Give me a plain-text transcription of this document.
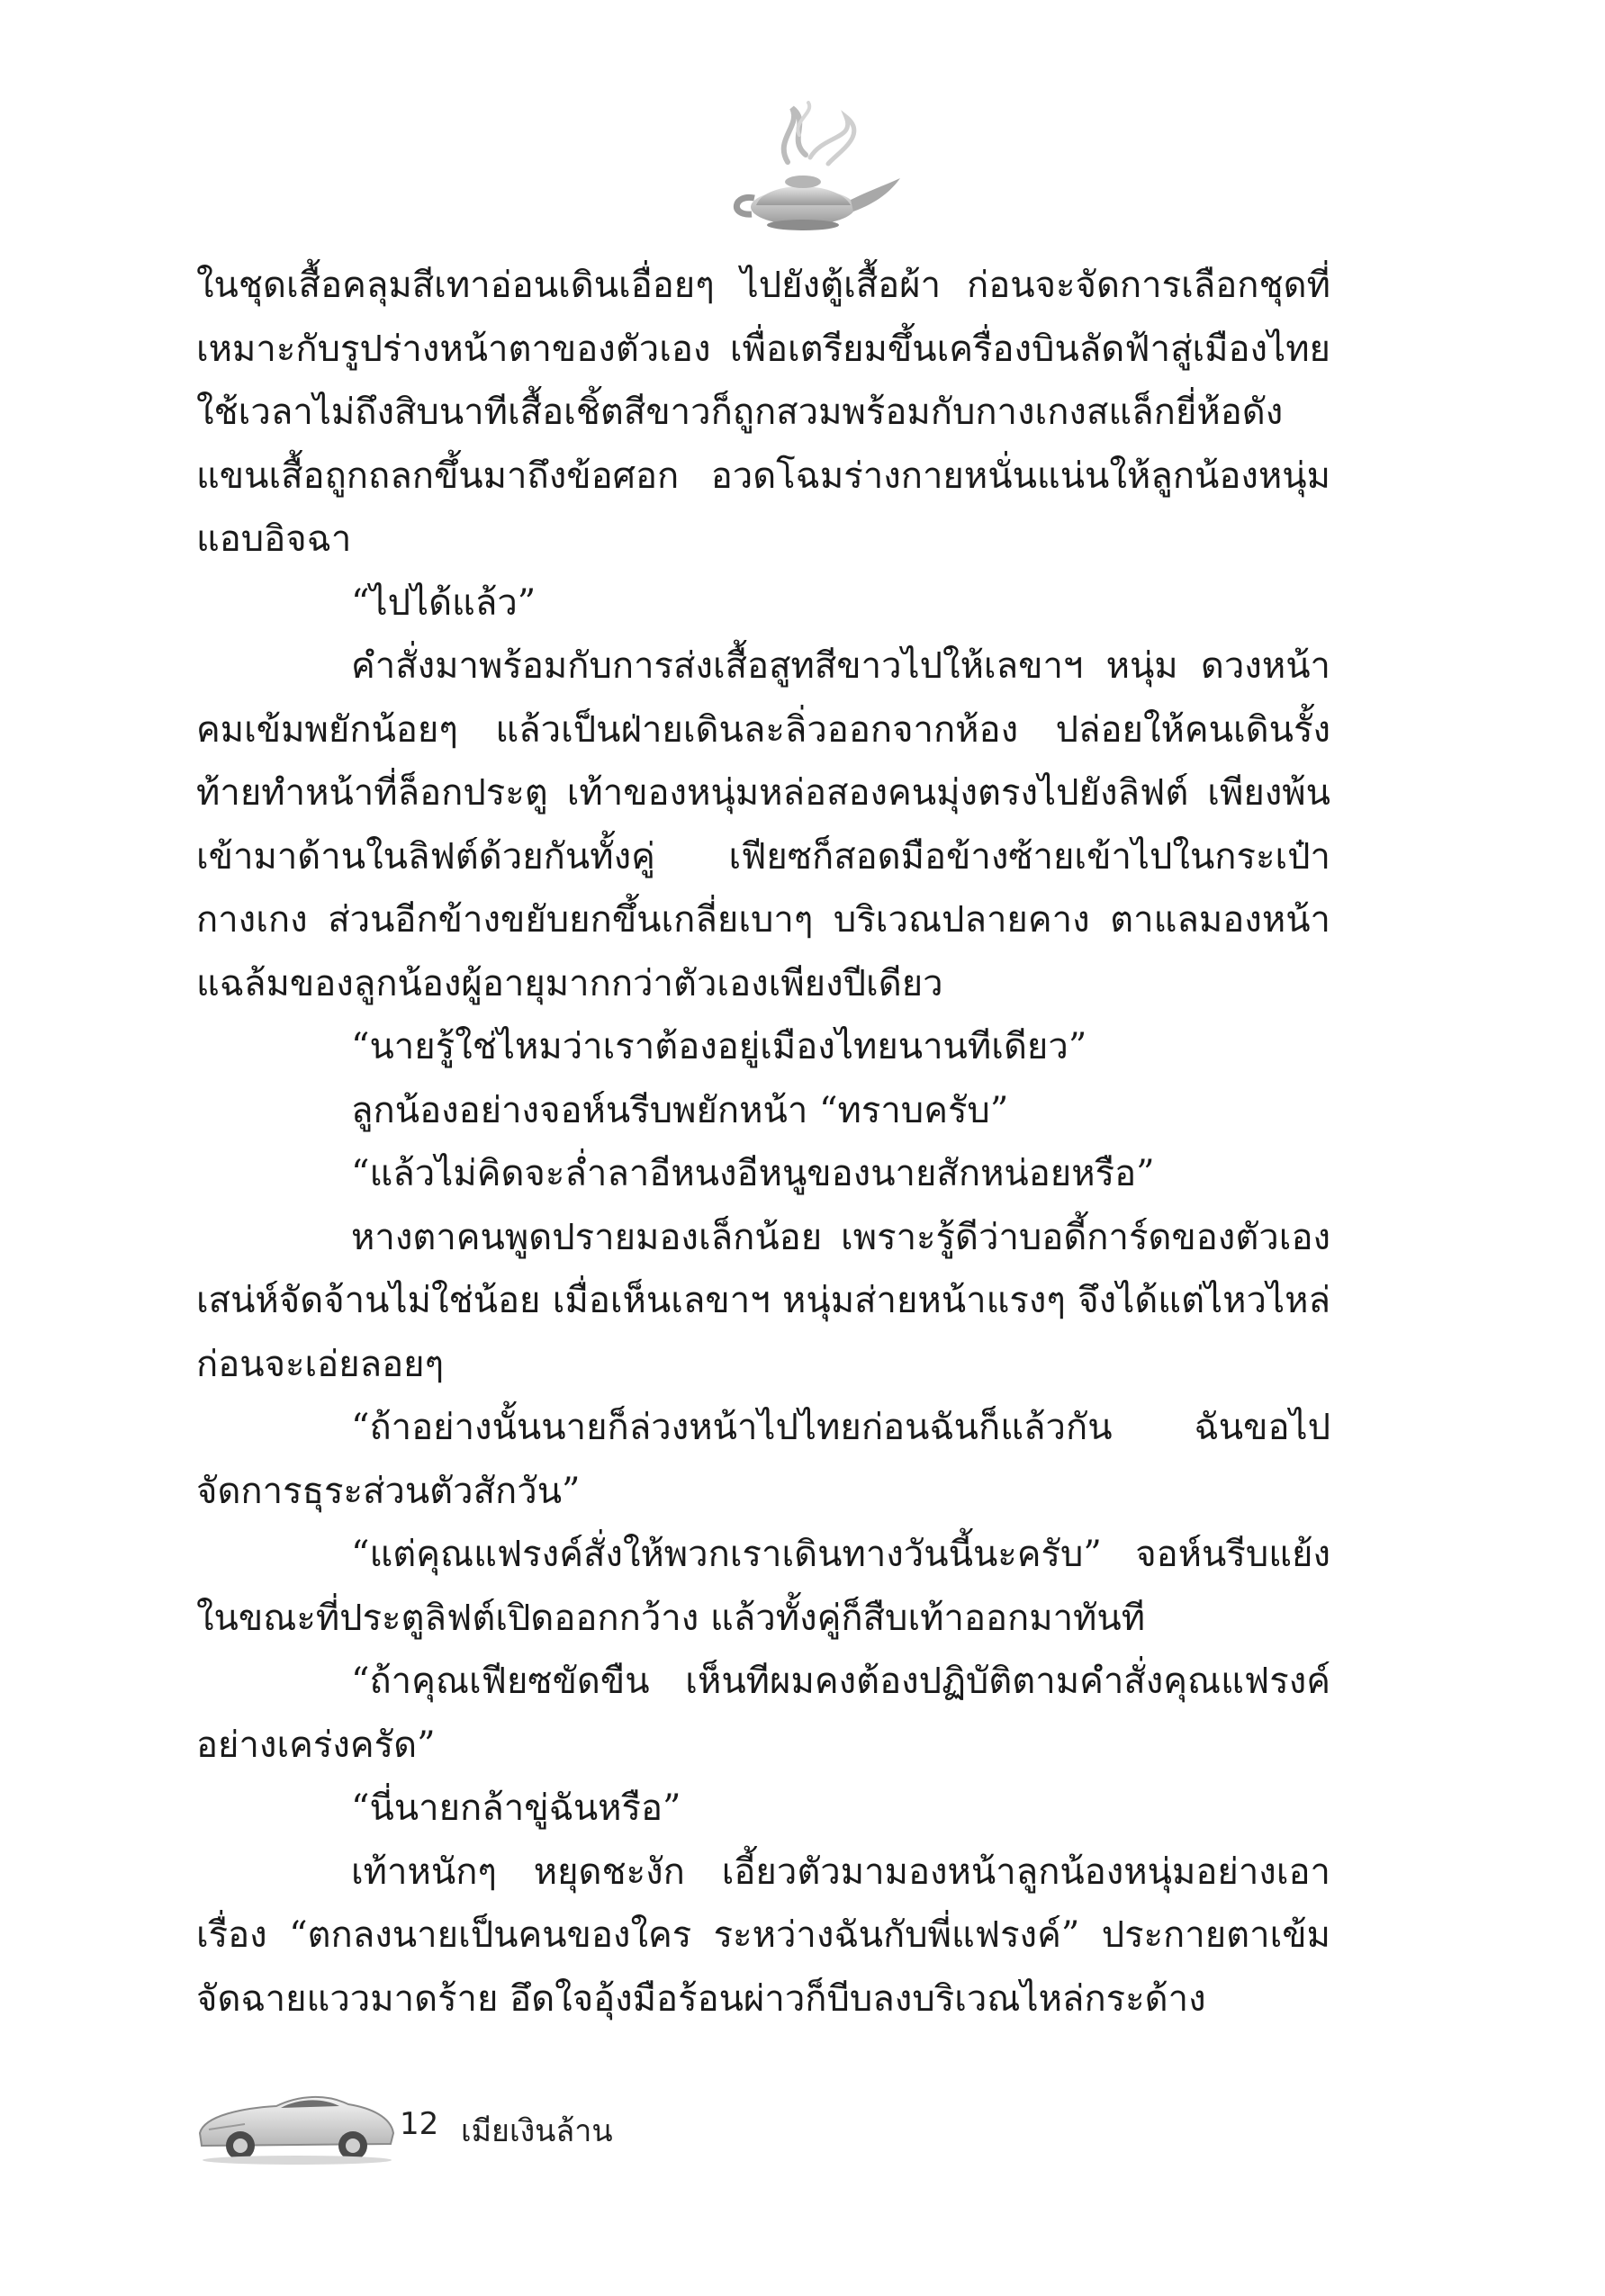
ในชุดเสื้อคลุมสีเทาอ่อนเดินเอื่อยๆ ไปยังตู้เสื้อผ้า ก่อนจะจัดการเลือกชุดที่เหมาะกับรูปร่างหน้าตาของตัวเอง เพื่อเตรียมขึ้นเครื่องบินลัดฟ้าสู่เมืองไทย ใช้เวลาไม่ถึงสิบนาทีเสื้อเชิ้ตสีขาวก็ถูกสวมพร้อมกับกางเกงสแล็กยี่ห้อดัง แขนเสื้อถูกถลกขึ้นมาถึงข้อศอก อวดโฉมร่างกายหนั่นแน่นให้ลูกน้องหนุ่มแอบอิจฉา

“ไปได้แล้ว”

คำสั่งมาพร้อมกับการส่งเสื้อสูทสีขาวไปให้เลขาฯ หนุ่ม ดวงหน้าคมเข้มพยักน้อยๆ แล้วเป็นฝ่ายเดินละลิ่วออกจากห้อง ปล่อยให้คนเดินรั้งท้ายทำหน้าที่ล็อกประตู เท้าของหนุ่มหล่อสองคนมุ่งตรงไปยังลิฟต์ เพียงพ้นเข้ามาด้านในลิฟต์ด้วยกันทั้งคู่ เฟียซก็สอดมือข้างซ้ายเข้าไปในกระเป๋ากางเกง ส่วนอีกข้างขยับยกขึ้นเกลี่ยเบาๆ บริเวณปลายคาง ตาแลมองหน้าแฉล้มของลูกน้องผู้อายุมากกว่าตัวเองเพียงปีเดียว

“นายรู้ใช่ไหมว่าเราต้องอยู่เมืองไทยนานทีเดียว”

ลูกน้องอย่างจอห์นรีบพยักหน้า “ทราบครับ”

“แล้วไม่คิดจะล่ำลาอีหนงอีหนูของนายสักหน่อยหรือ”

หางตาคนพูดปรายมองเล็กน้อย เพราะรู้ดีว่าบอดี้การ์ดของตัวเองเสน่ห์จัดจ้านไม่ใช่น้อย เมื่อเห็นเลขาฯ หนุ่มส่ายหน้าแรงๆ จึงได้แต่ไหวไหล่ ก่อนจะเอ่ยลอยๆ

“ถ้าอย่างนั้นนายก็ล่วงหน้าไปไทยก่อนฉันก็แล้วกัน ฉันขอไปจัดการธุระส่วนตัวสักวัน”

“แต่คุณแฟรงค์สั่งให้พวกเราเดินทางวันนี้นะครับ” จอห์นรีบแย้งในขณะที่ประตูลิฟต์เปิดออกกว้าง แล้วทั้งคู่ก็สืบเท้าออกมาทันที

“ถ้าคุณเฟียซขัดขืน เห็นทีผมคงต้องปฏิบัติตามคำสั่งคุณแฟรงค์อย่างเคร่งครัด”

“นี่นายกล้าขู่ฉันหรือ”

เท้าหนักๆ หยุดชะงัก เอี้ยวตัวมามองหน้าลูกน้องหนุ่มอย่างเอาเรื่อง “ตกลงนายเป็นคนของใคร ระหว่างฉันกับพี่แฟรงค์” ประกายตาเข้มจัดฉายแววมาดร้าย อึดใจอุ้งมือร้อนผ่าวก็บีบลงบริเวณไหล่กระด้าง

12 เมียเงินล้าน
